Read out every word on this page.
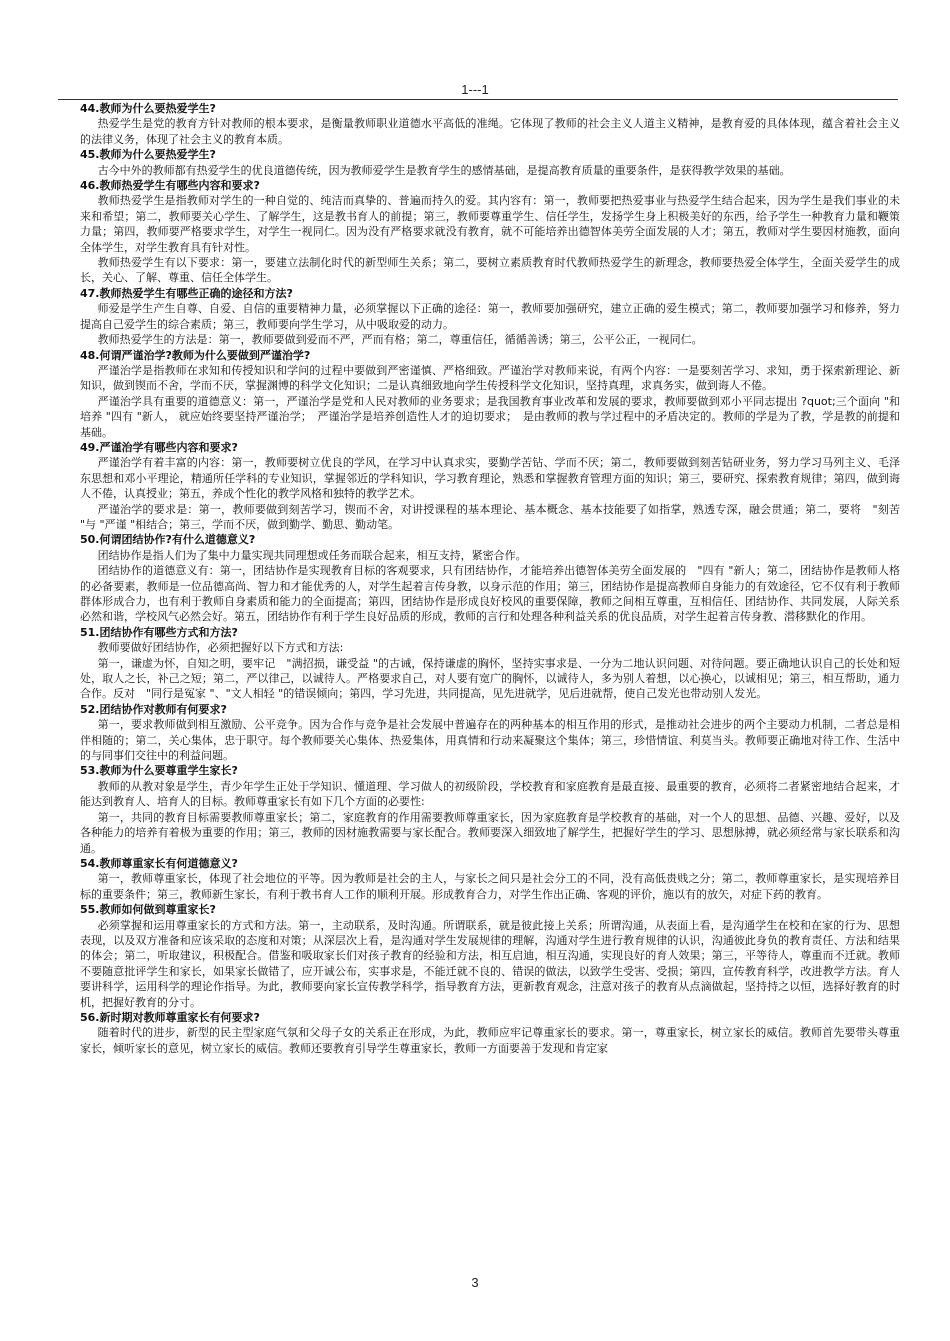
1---1

44.教师为什么要热爱学生?

热爱学生是党的教育方针对教师的根本要求，是衡量教师职业道德水平高低的准绳。它体现了教师的社会主义人道主义精神，是教育爱的具体体现，蕴含着社会主义的法律义务，体现了社会主义的教育本质。

45.教师为什么要热爱学生?

古今中外的教师都有热爱学生的优良道德传统，因为教师爱学生是教育学生的感情基础，是提高教育质量的重要条件，是获得教学效果的基础。

46.教师热爱学生有哪些内容和要求?

教师热爱学生是指教师对学生的一种自觉的、纯洁而真挚的、普遍而持久的爱。其内容有：第一，教师要把热爱事业与热爱学生结合起来，因为学生是我们事业的未来和希望；第二，教师要关心学生、了解学生，这是教书育人的前提；第三，教师要尊重学生、信任学生，发扬学生身上积极美好的东西，给予学生一种教育力量和鞭策力量；第四，教师要严格要求学生，对学生一视同仁。因为没有严格要求就没有教育，就不可能培养出德智体美劳全面发展的人才；第五，教师对学生要因材施教，面向全体学生，对学生教育具有针对性。

教师热爱学生有以下要求：第一，要建立法制化时代的新型师生关系；第二，要树立素质教育时代教师热爱学生的新理念，教师要热爱全体学生，全面关爱学生的成长，关心、了解、尊重、信任全体学生。

47.教师热爱学生有哪些正确的途径和方法?

师爱是学生产生自尊、自爱、自信的重要精神力量，必须掌握以下正确的途径：第一，教师要加强研究，建立正确的爱生模式；第二，教师要加强学习和修养，努力提高自己爱学生的综合素质；第三，教师要向学生学习，从中吸取爱的动力。

教师热爱学生的方法是：第一，教师要做到爱而不严，严而有格；第二，尊重信任，循循善诱；第三，公平公正，一视同仁。

48.何谓严谨治学?教师为什么要做到严谨治学?

严谨治学是指教师在求知和传授知识和学问的过程中要做到严密谨慎、严格细致。严谨治学对教师来说，有两个内容：一是要刻苦学习、求知，勇于探索新理论、新知识，做到锲而不舍，学而不厌，掌握渊博的科学文化知识；二是认真细致地向学生传授科学文化知识，坚持真理，求真务实，做到诲人不倦。

严谨治学具有重要的道德意义：第一，严谨治学是党和人民对教师的业务要求；是我国教育事业改革和发展的要求，教师要做到邓小平同志提出 ?quot;三个面向 "和培养 "四有 "新人， 就应始终要坚持严谨治学；　严谨治学是培养创造性人才的迫切要求；　是由教师的教与学过程中的矛盾决定的。教师的学是为了教，学是教的前提和基础。

49.严谨治学有哪些内容和要求?

严谨治学有着丰富的内容：第一，教师要树立优良的学风，在学习中认真求实，要勤学苦钻、学而不厌；第二，教师要做到刻苦钻研业务，努力学习马列主义、毛泽东思想和邓小平理论，精通所任学科的专业知识，掌握邻近的学科知识，学习教育理论，熟悉和掌握教育管理方面的知识；第三，要研究、探索教育规律；第四，做到诲人不倦，认真授业；第五，养成个性化的教学风格和独特的教学艺术。

严谨治学的要求是：第一，教师要做到刻苦学习，锲而不舍，对讲授课程的基本理论、基本概念、基本技能要了如指掌，熟透专深，融会贯通；第二，要将　"刻苦 "与 "严谨 "相结合；第三，学而不厌，做到勤学、勤思、勤动笔。

50.何谓团结协作?有什么道德意义?

团结协作是指人们为了集中力量实现共同理想或任务而联合起来，相互支持，紧密合作。

团结协作的道德意义有：第一，团结协作是实现教育目标的客观要求，只有团结协作，才能培养出德智体美劳全面发展的　"四有 "新人；第二，团结协作是教师人格的必备要素，教师是一位品德高尚、智力和才能优秀的人，对学生起着言传身教，以身示范的作用；第三，团结协作是提高教师自身能力的有效途径，它不仅有利于教师群体形成合力，也有利于教师自身素质和能力的全面提高；第四，团结协作是形成良好校风的重要保障，教师之间相互尊重，互相信任、团结协作、共同发展，人际关系必然和谐，学校风气必然会好。第五，团结协作有利于学生良好品质的形成，教师的言行和处理各种利益关系的优良品质，对学生起着言传身教、潜移默化的作用。

51.团结协作有哪些方式和方法?

教师要做好团结协作，必须把握好以下方式和方法:

第一，谦虚为怀，自知之明，要牢记　"满招损，谦受益 "的古诫，保持谦虚的胸怀，坚持实事求是、一分为二地认识问题、对待问题。要正确地认识自己的长处和短处，取人之长，补己之短；第二，严以律己，以诚待人。严格要求自己，对人要有宽广的胸怀，以诚待人，多为别人着想，以心换心，以诚相见；第三，相互帮助，通力合作。反对　"同行是冤家 "、"文人相轻 "的错误倾向；第四，学习先进，共同提高，见先进就学，见后进就帮，使自己发光也带动别人发光。

52.团结协作对教师有何要求?

第一，要求教师做到相互激励、公平竞争。因为合作与竞争是社会发展中普遍存在的两种基本的相互作用的形式，是推动社会进步的两个主要动力机制，二者总是相伴相随的；第二，关心集体，忠于职守。每个教师要关心集体、热爱集体，用真情和行动来凝聚这个集体；第三，珍惜情谊、利莫当头。教师要正确地对待工作、生活中的与同事们交往中的利益问题。

53.教师为什么要尊重学生家长?

教师的从教对象是学生，青少年学生正处于学知识、懂道理、学习做人的初级阶段，学校教育和家庭教育是最直接、最重要的教育，必须将二者紧密地结合起来，才能达到教育人、培育人的目标。教师尊重家长有如下几个方面的必要性:

第一，共同的教育目标需要教师尊重家长；第二，家庭教育的作用需要教师尊重家长，因为家庭教育是学校教育的基础，对一个人的思想、品德、兴趣、爱好，以及各种能力的培养有着极为重要的作用；第三，教师的因材施教需要与家长配合。教师要深入细致地了解学生，把握好学生的学习、思想脉搏，就必须经常与家长联系和沟通。

54.教师尊重家长有何道德意义?

第一，教师尊重家长，体现了社会地位的平等。因为教师是社会的主人，与家长之间只是社会分工的不同，没有高低贵贱之分；第二，教师尊重家长，是实现培养目标的重要条件；第三，教师新生家长，有利于教书育人工作的顺利开展。形成教育合力，对学生作出正确、客观的评价，施以有的放矢，对症下药的教育。

55.教师如何做到尊重家长?

必须掌握和运用尊重家长的方式和方法。第一，主动联系，及时沟通。所谓联系，就是彼此接上关系；所谓沟通，从表面上看，是沟通学生在校和在家的行为、思想表现，以及双方准备和应该采取的态度和对策；从深层次上看，是沟通对学生发展规律的理解，沟通对学生进行教育规律的认识，沟通彼此身负的教育责任、方法和结果的体会；第二，听取建议，积极配合。借鉴和吸取家长们对孩子教育的经验和方法，相互启迪，相互沟通，实现良好的育人效果；第三，平等待人，尊重而不迁就。教师不要随意批评学生和家长，如果家长做错了，应开诚公布，实事求是，不能迁就不良的、错误的做法，以致学生受害、受损；第四，宣传教育科学，改进教学方法。育人要讲科学，运用科学的理论作指导。为此，教师要向家长宣传教学科学，指导教育方法，更新教育观念，注意对孩子的教育从点滴做起，坚持持之以恒，选择好教育的时机，把握好教育的分寸。

56.新时期对教师尊重家长有何要求?

随着时代的进步，新型的民主型家庭气氛和父母子女的关系正在形成，为此，教师应牢记尊重家长的要求。第一，尊重家长，树立家长的威信。教师首先要带头尊重家长，倾听家长的意见，树立家长的威信。教师还要教育引导学生尊重家长，教师一方面要善于发现和肯定家

3
